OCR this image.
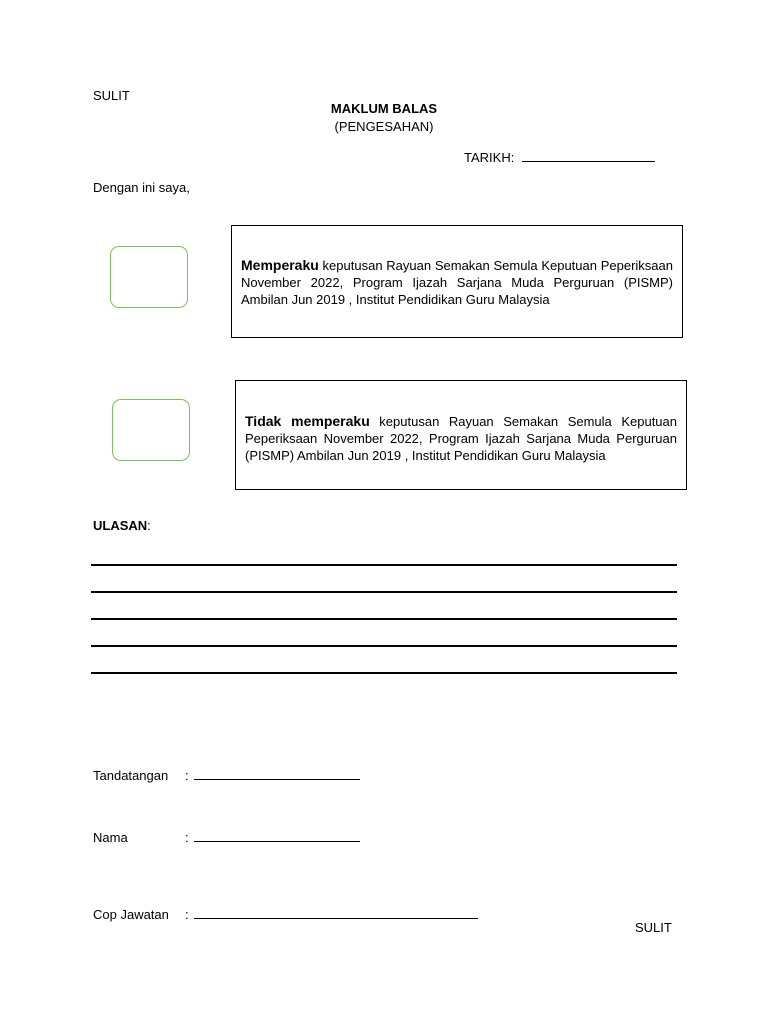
SULIT
MAKLUM BALAS
(PENGESAHAN)
TARIKH:
Dengan ini saya,
Memperaku keputusan Rayuan Semakan Semula Keputuan Peperiksaan November 2022, Program Ijazah Sarjana Muda Perguruan (PISMP) Ambilan Jun 2019 , Institut Pendidikan Guru Malaysia
Tidak memperaku keputusan Rayuan Semakan Semula Keputuan Peperiksaan November 2022, Program Ijazah Sarjana Muda Perguruan (PISMP) Ambilan Jun 2019 , Institut Pendidikan Guru Malaysia
ULASAN:
Tandatangan :
Nama	:
Cop Jawatan :
SULIT
